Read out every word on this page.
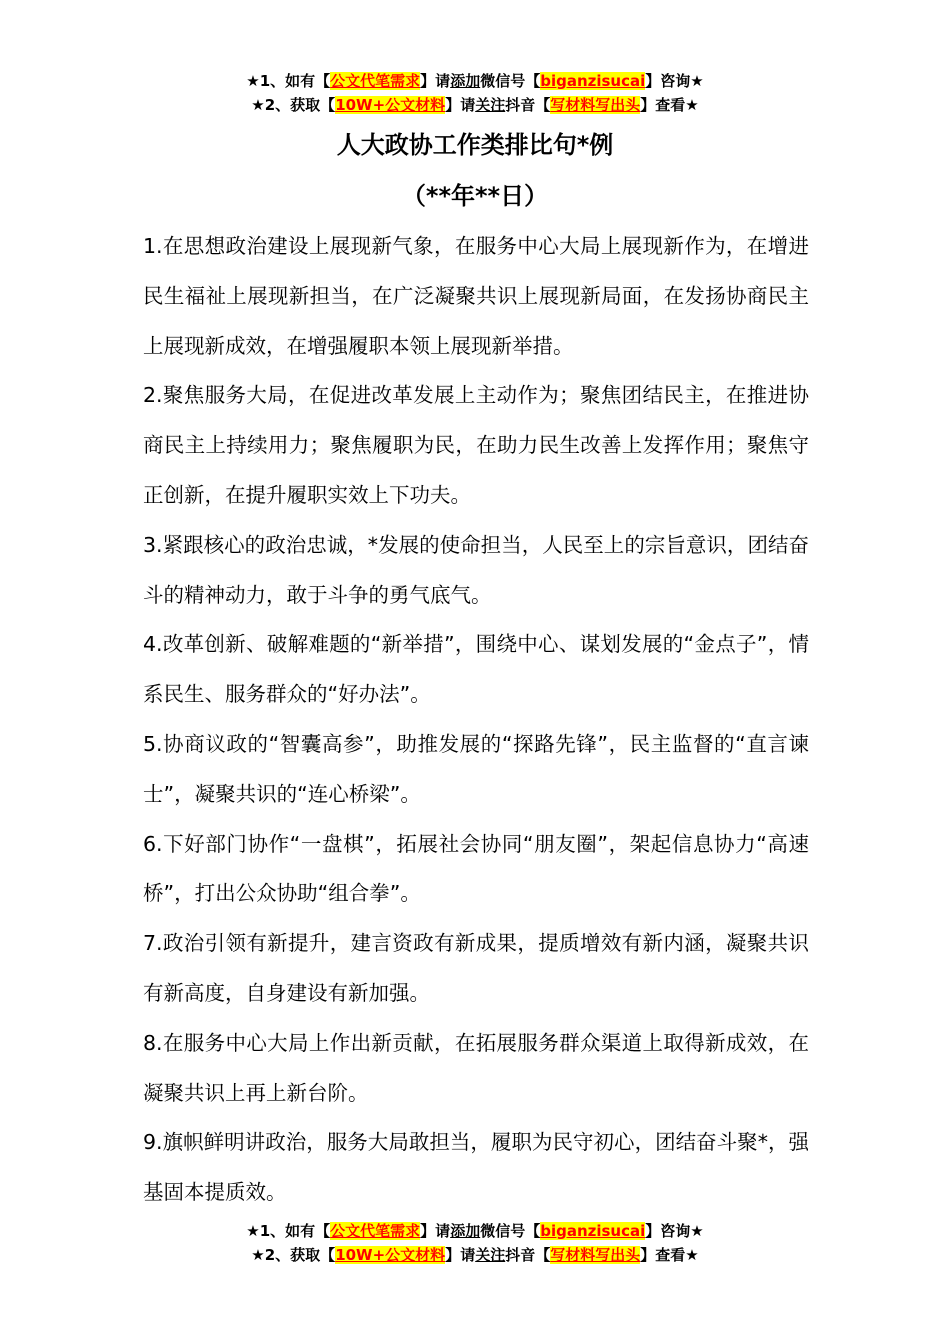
★1、如有【公文代笔需求】请添加微信号【biganzisucai】咨询★
★2、获取【10W+公文材料】请关注抖音【写材料写出头】查看★
人大政协工作类排比句*例
（**年**日）

1.在思想政治建设上展现新气象，在服务中心大局上展现新作为，在增进民生福祉上展现新担当，在广泛凝聚共识上展现新局面，在发扬协商民主上展现新成效，在增强履职本领上展现新举措。

2.聚焦服务大局，在促进改革发展上主动作为；聚焦团结民主，在推进协商民主上持续用力；聚焦履职为民，在助力民生改善上发挥作用；聚焦守正创新，在提升履职实效上下功夫。

3.紧跟核心的政治忠诚，*发展的使命担当，人民至上的宗旨意识，团结奋斗的精神动力，敢于斗争的勇气底气。

4.改革创新、破解难题的“新举措”，围绕中心、谋划发展的“金点子”，情系民生、服务群众的“好办法”。

5.协商议政的“智囊高参”，助推发展的“探路先锋”，民主监督的“直言谏士”，凝聚共识的“连心桥梁”。

6.下好部门协作“一盘棋”，拓展社会协同“朋友圈”，架起信息协力“高速桥”，打出公众协助“组合拳”。

7.政治引领有新提升，建言资政有新成果，提质增效有新内涵，凝聚共识有新高度，自身建设有新加强。

8.在服务中心大局上作出新贡献，在拓展服务群众渠道上取得新成效，在凝聚共识上再上新台阶。

9.旗帜鲜明讲政治，服务大局敢担当，履职为民守初心，团结奋斗聚*，强基固本提质效。

★1、如有【公文代笔需求】请添加微信号【biganzisucai】咨询★
★2、获取【10W+公文材料】请关注抖音【写材料写出头】查看★
